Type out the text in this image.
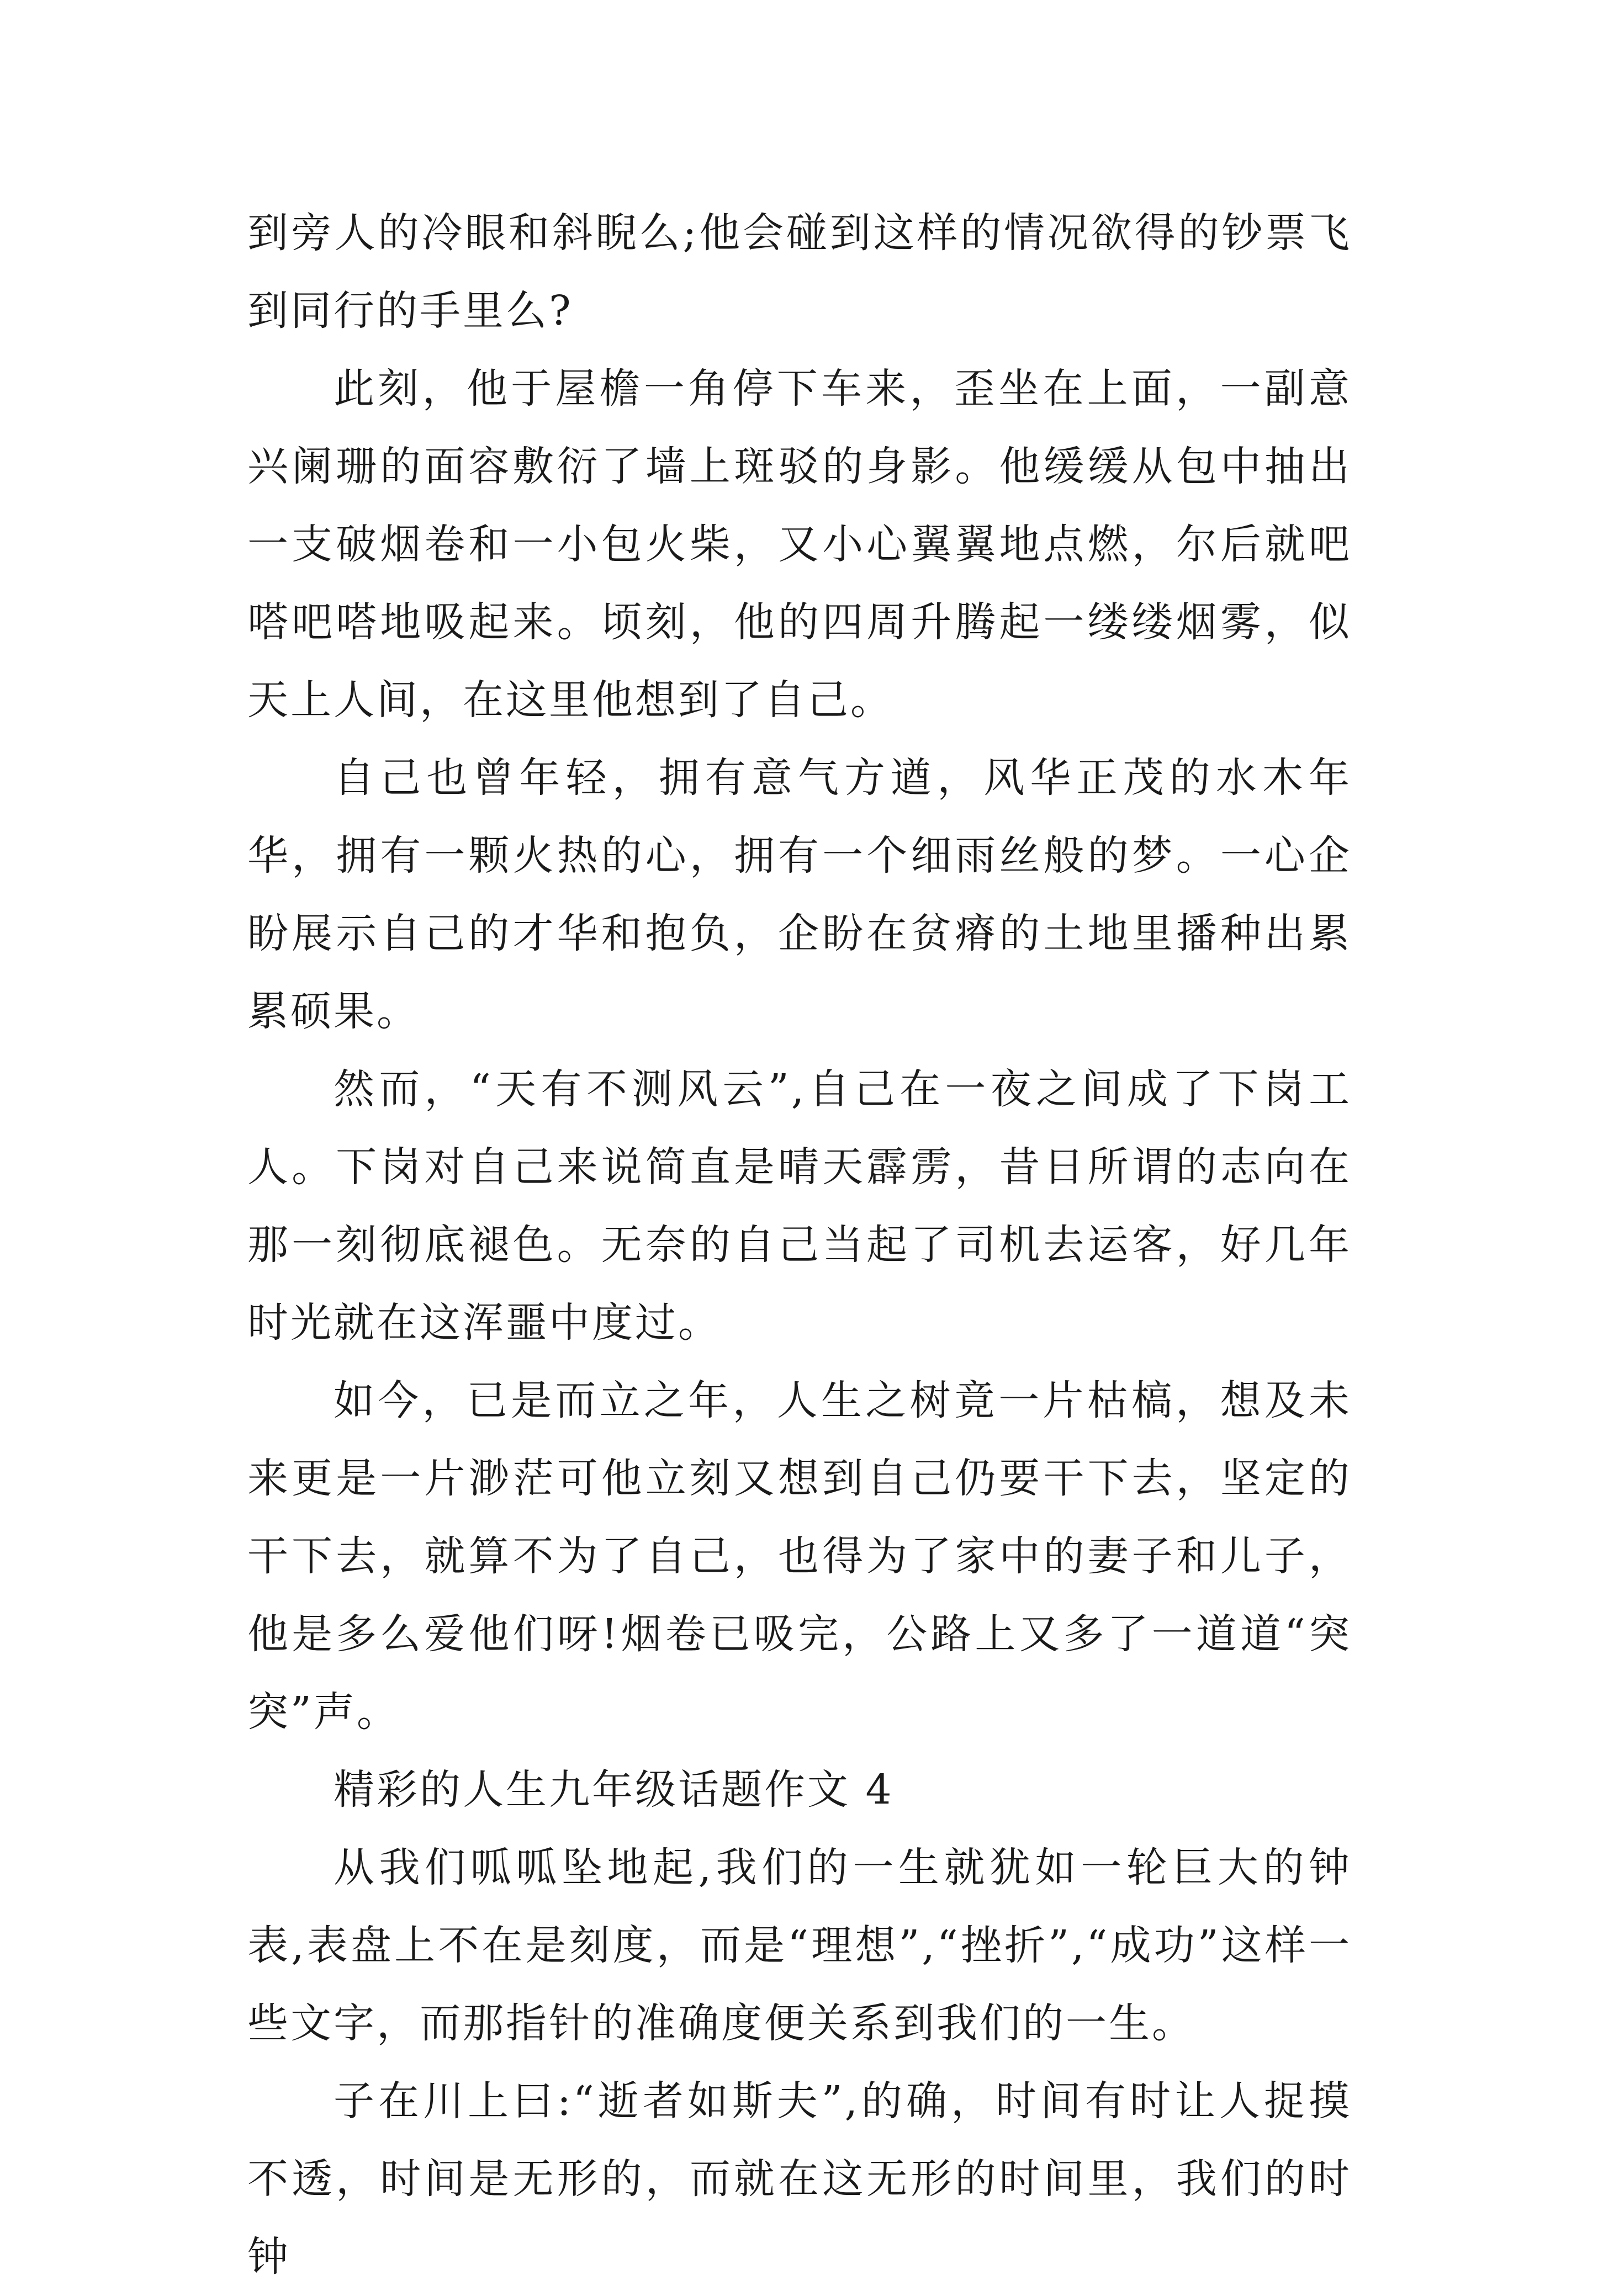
到旁人的冷眼和斜睨么;他会碰到这样的情况欲得的钞票飞到同行的手里么?

此刻，他于屋檐一角停下车来，歪坐在上面，一副意兴阑珊的面容敷衍了墙上斑驳的身影。他缓缓从包中抽出一支破烟卷和一小包火柴，又小心翼翼地点燃，尔后就吧嗒吧嗒地吸起来。顷刻，他的四周升腾起一缕缕烟雾，似天上人间，在这里他想到了自己。

自己也曾年轻，拥有意气方遒，风华正茂的水木年华，拥有一颗火热的心，拥有一个细雨丝般的梦。一心企盼展示自己的才华和抱负，企盼在贫瘠的土地里播种出累累硕果。

然而，“天有不测风云”,自己在一夜之间成了下岗工人。下岗对自己来说简直是晴天霹雳，昔日所谓的志向在那一刻彻底褪色。无奈的自己当起了司机去运客，好几年时光就在这浑噩中度过。

如今，已是而立之年，人生之树竟一片枯槁，想及未来更是一片渺茫可他立刻又想到自己仍要干下去，坚定的干下去，就算不为了自己，也得为了家中的妻子和儿子，他是多么爱他们呀!烟卷已吸完，公路上又多了一道道“突突”声。

精彩的人生九年级话题作文 4

从我们呱呱坠地起,我们的一生就犹如一轮巨大的钟表,表盘上不在是刻度，而是“理想”,“挫折”,“成功”这样一些文字，而那指针的准确度便关系到我们的一生。

子在川上曰:“逝者如斯夫”,的确，时间有时让人捉摸不透，时间是无形的，而就在这无形的时间里，我们的时钟
